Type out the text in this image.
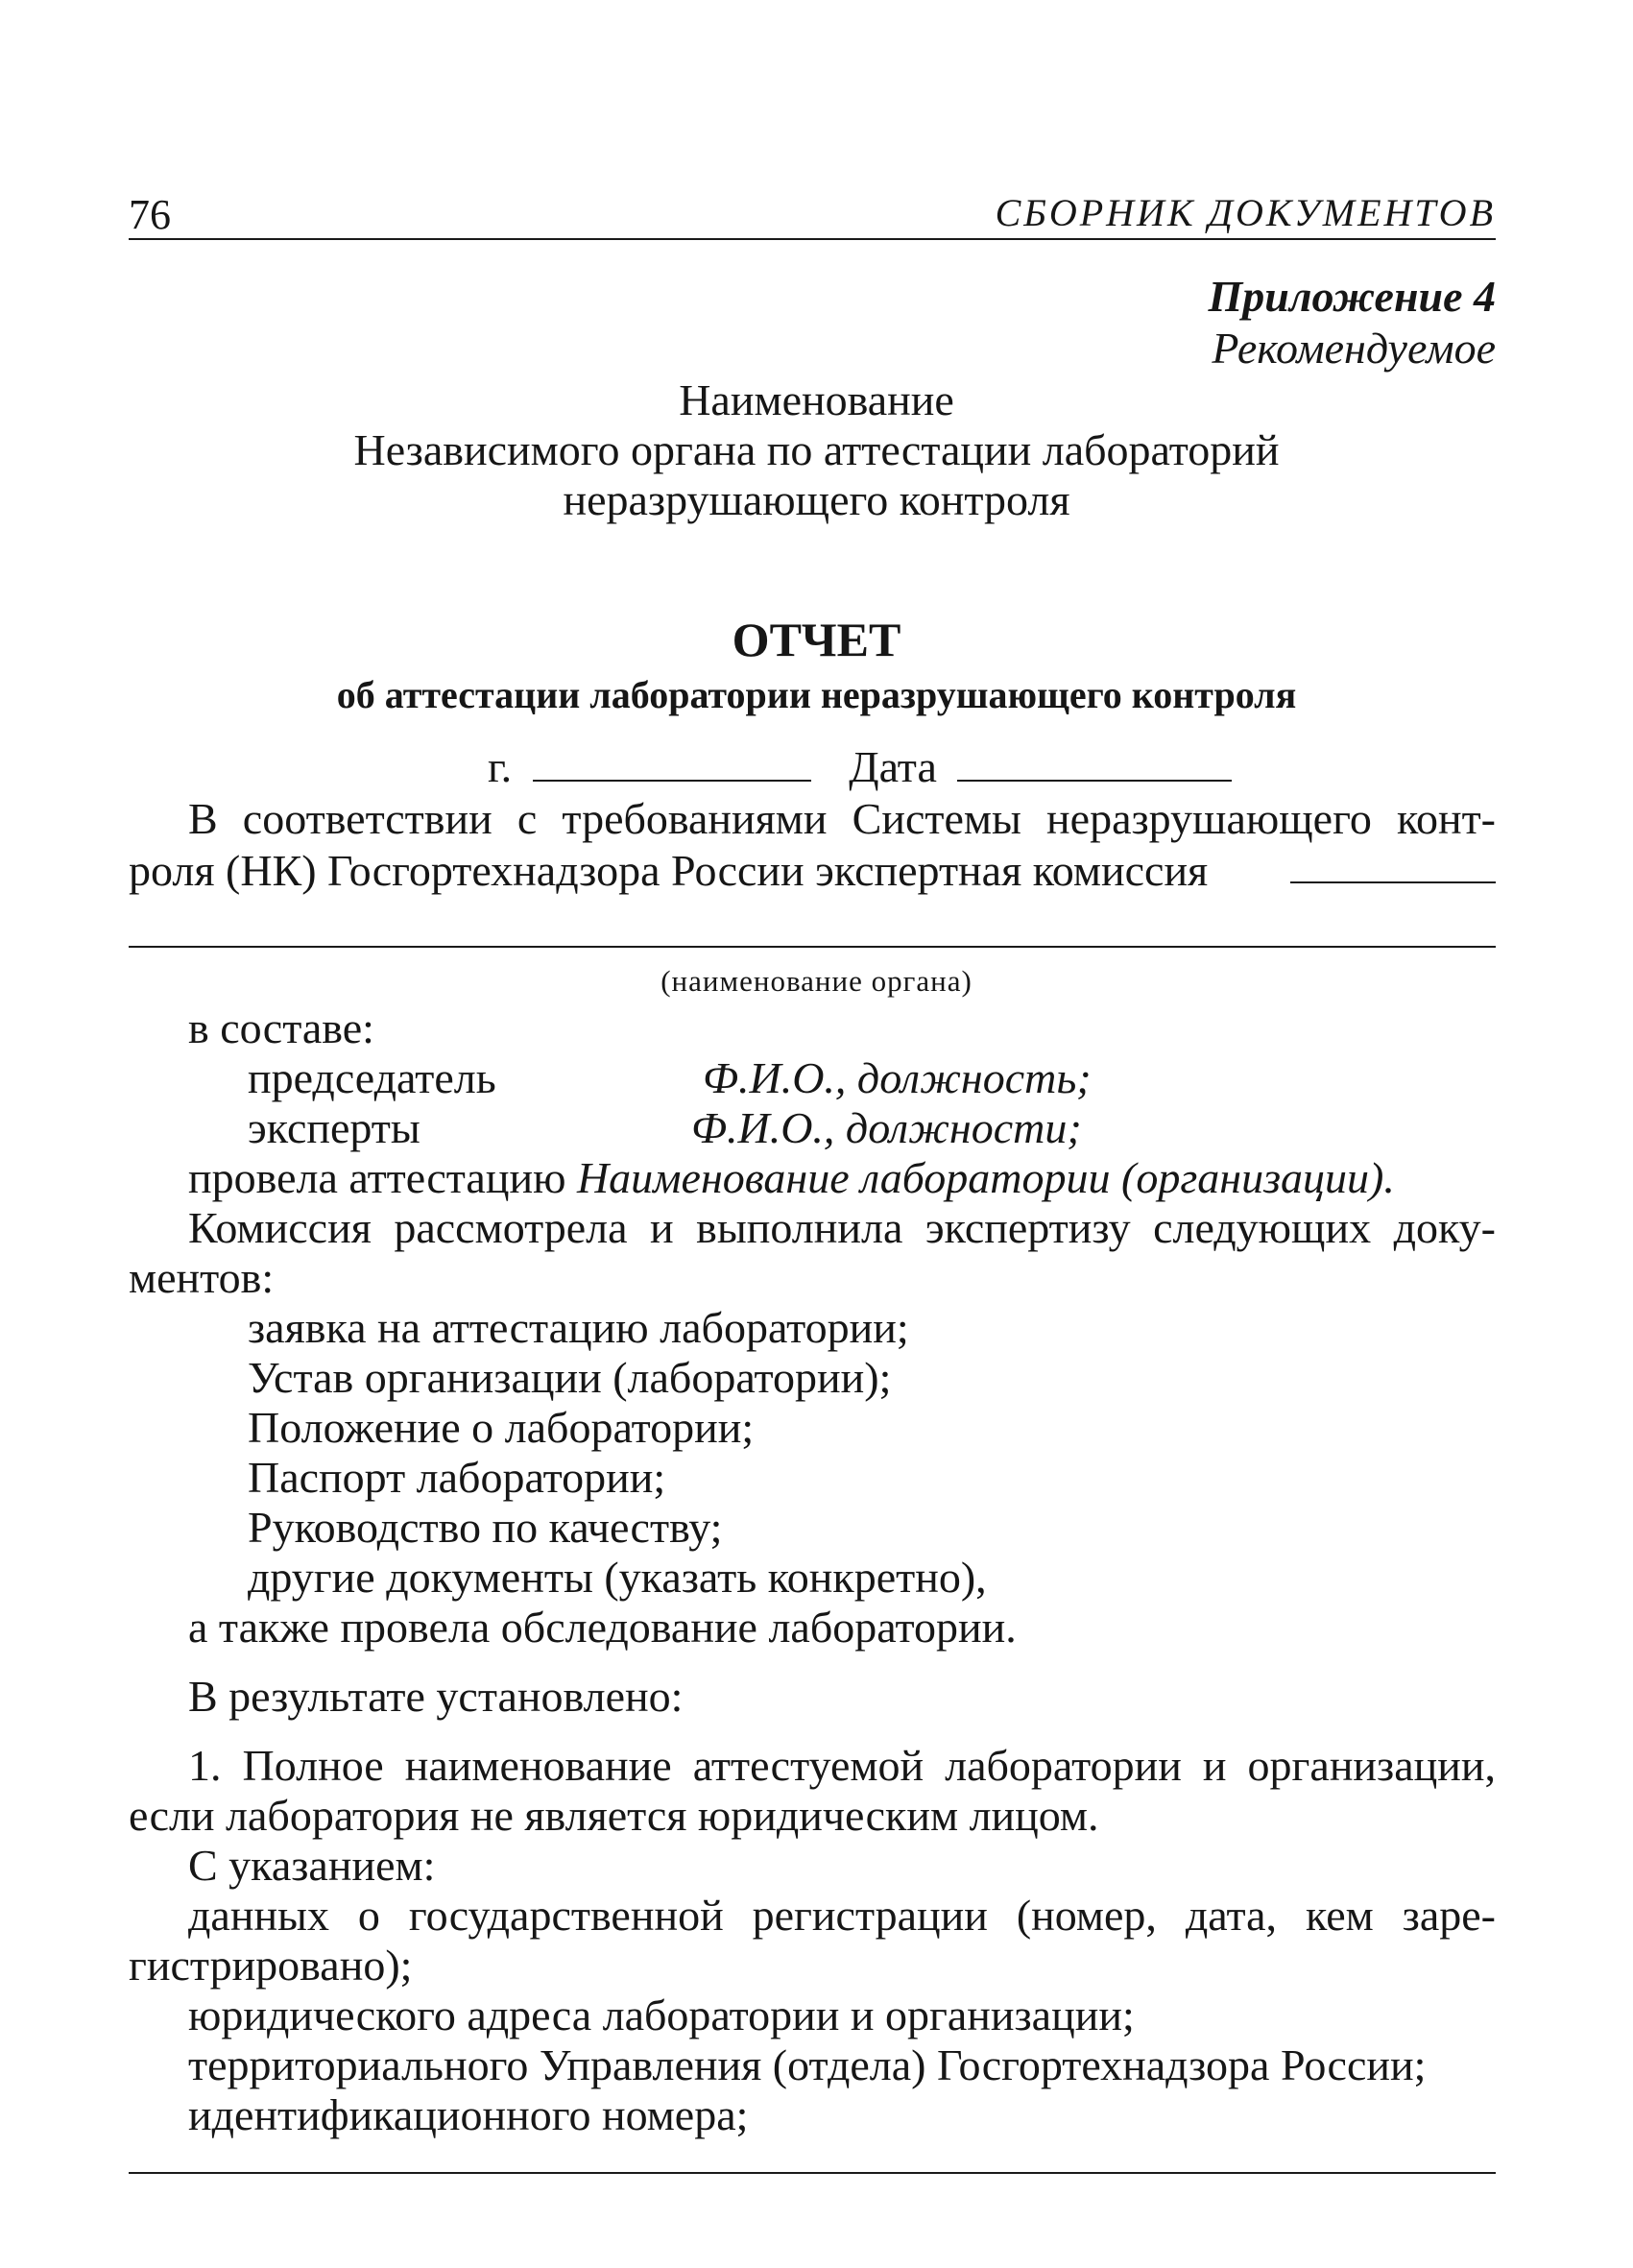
76	СБОРНИК ДОКУМЕНТОВ
Приложение 4
Рекомендуемое
Наименование
Независимого органа по аттестации лабораторий
неразрушающего контроля
ОТЧЕТ
об аттестации лаборатории неразрушающего контроля
г.	Дата
В соответствии с требованиями Системы неразрушающего конт-
роля (НК) Госгортехнадзора России экспертная комиссия
(наименование органа)
в составе:
председатель	Ф.И.О., должность;
эксперты	Ф.И.О., должности;
провела аттестацию Наименование лаборатории (организации).
Комиссия рассмотрела и выполнила экспертизу следующих доку-
ментов:
заявка на аттестацию лаборатории;
Устав организации (лаборатории);
Положение о лаборатории;
Паспорт лаборатории;
Руководство по качеству;
другие документы (указать конкретно),
а также провела обследование лаборатории.
В результате установлено:
1. Полное наименование аттестуемой лаборатории и организации,
если лаборатория не является юридическим лицом.
С указанием:
данных о государственной регистрации (номер, дата, кем заре-
гистрировано);
юридического адреса лаборатории и организации;
территориального Управления (отдела) Госгортехнадзора России;
идентификационного номера;
